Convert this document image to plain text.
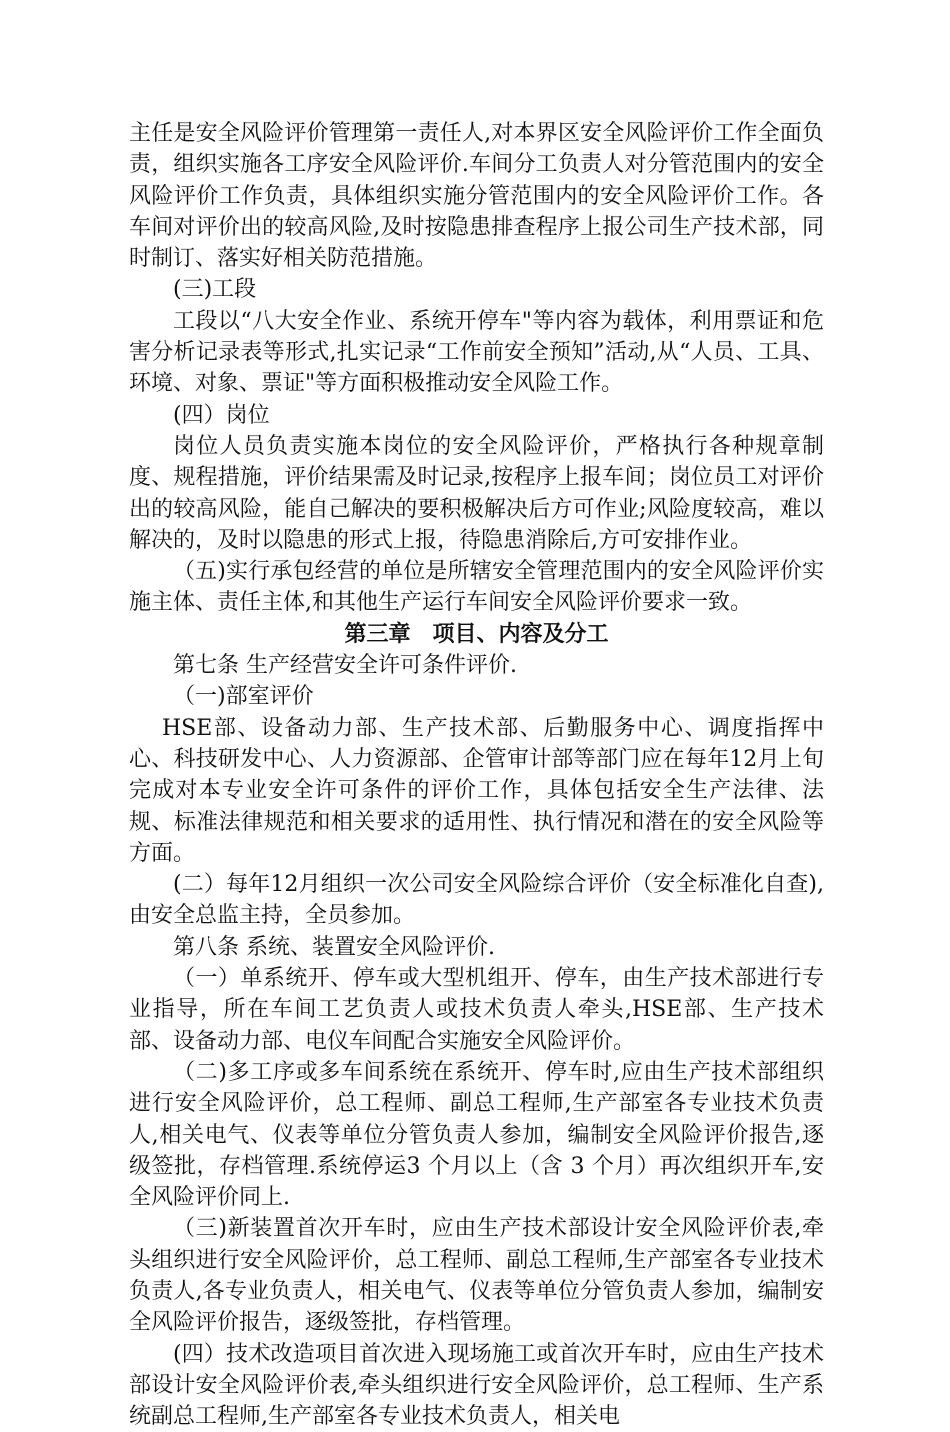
主任是安全风险评价管理第一责任人,对本界区安全风险评价工作全面负责，组织实施各工序安全风险评价.车间分工负责人对分管范围内的安全风险评价工作负责，具体组织实施分管范围内的安全风险评价工作。各车间对评价出的较高风险,及时按隐患排查程序上报公司生产技术部，同时制订、落实好相关防范措施。

(三)工段

工段以“八大安全作业、系统开停车"等内容为载体，利用票证和危害分析记录表等形式,扎实记录“工作前安全预知”活动,从“人员、工具、环境、对象、票证"等方面积极推动安全风险工作。

(四）岗位

岗位人员负责实施本岗位的安全风险评价，严格执行各种规章制度、规程措施，评价结果需及时记录,按程序上报车间；岗位员工对评价出的较高风险，能自己解决的要积极解决后方可作业;风险度较高，难以解决的，及时以隐患的形式上报，待隐患消除后,方可安排作业。

（五)实行承包经营的单位是所辖安全管理范围内的安全风险评价实施主体、责任主体,和其他生产运行车间安全风险评价要求一致。

第三章　项目、内容及分工

第七条 生产经营安全许可条件评价.

（一)部室评价

HSE部、设备动力部、生产技术部、后勤服务中心、调度指挥中心、科技研发中心、人力资源部、企管审计部等部门应在每年12月上旬完成对本专业安全许可条件的评价工作，具体包括安全生产法律、法规、标准法律规范和相关要求的适用性、执行情况和潜在的安全风险等方面。

(二）每年12月组织一次公司安全风险综合评价（安全标准化自查),由安全总监主持，全员参加。

第八条 系统、装置安全风险评价.

（一）单系统开、停车或大型机组开、停车，由生产技术部进行专业指导，所在车间工艺负责人或技术负责人牵头,HSE部、生产技术部、设备动力部、电仪车间配合实施安全风险评价。

（二)多工序或多车间系统在系统开、停车时,应由生产技术部组织进行安全风险评价，总工程师、副总工程师,生产部室各专业技术负责人,相关电气、仪表等单位分管负责人参加，编制安全风险评价报告,逐级签批，存档管理.系统停运3 个月以上（含 3 个月）再次组织开车,安全风险评价同上.

（三)新装置首次开车时，应由生产技术部设计安全风险评价表,牵头组织进行安全风险评价，总工程师、副总工程师,生产部室各专业技术负责人,各专业负责人，相关电气、仪表等单位分管负责人参加，编制安全风险评价报告，逐级签批，存档管理。

(四）技术改造项目首次进入现场施工或首次开车时，应由生产技术部设计安全风险评价表,牵头组织进行安全风险评价，总工程师、生产系统副总工程师,生产部室各专业技术负责人，相关电
